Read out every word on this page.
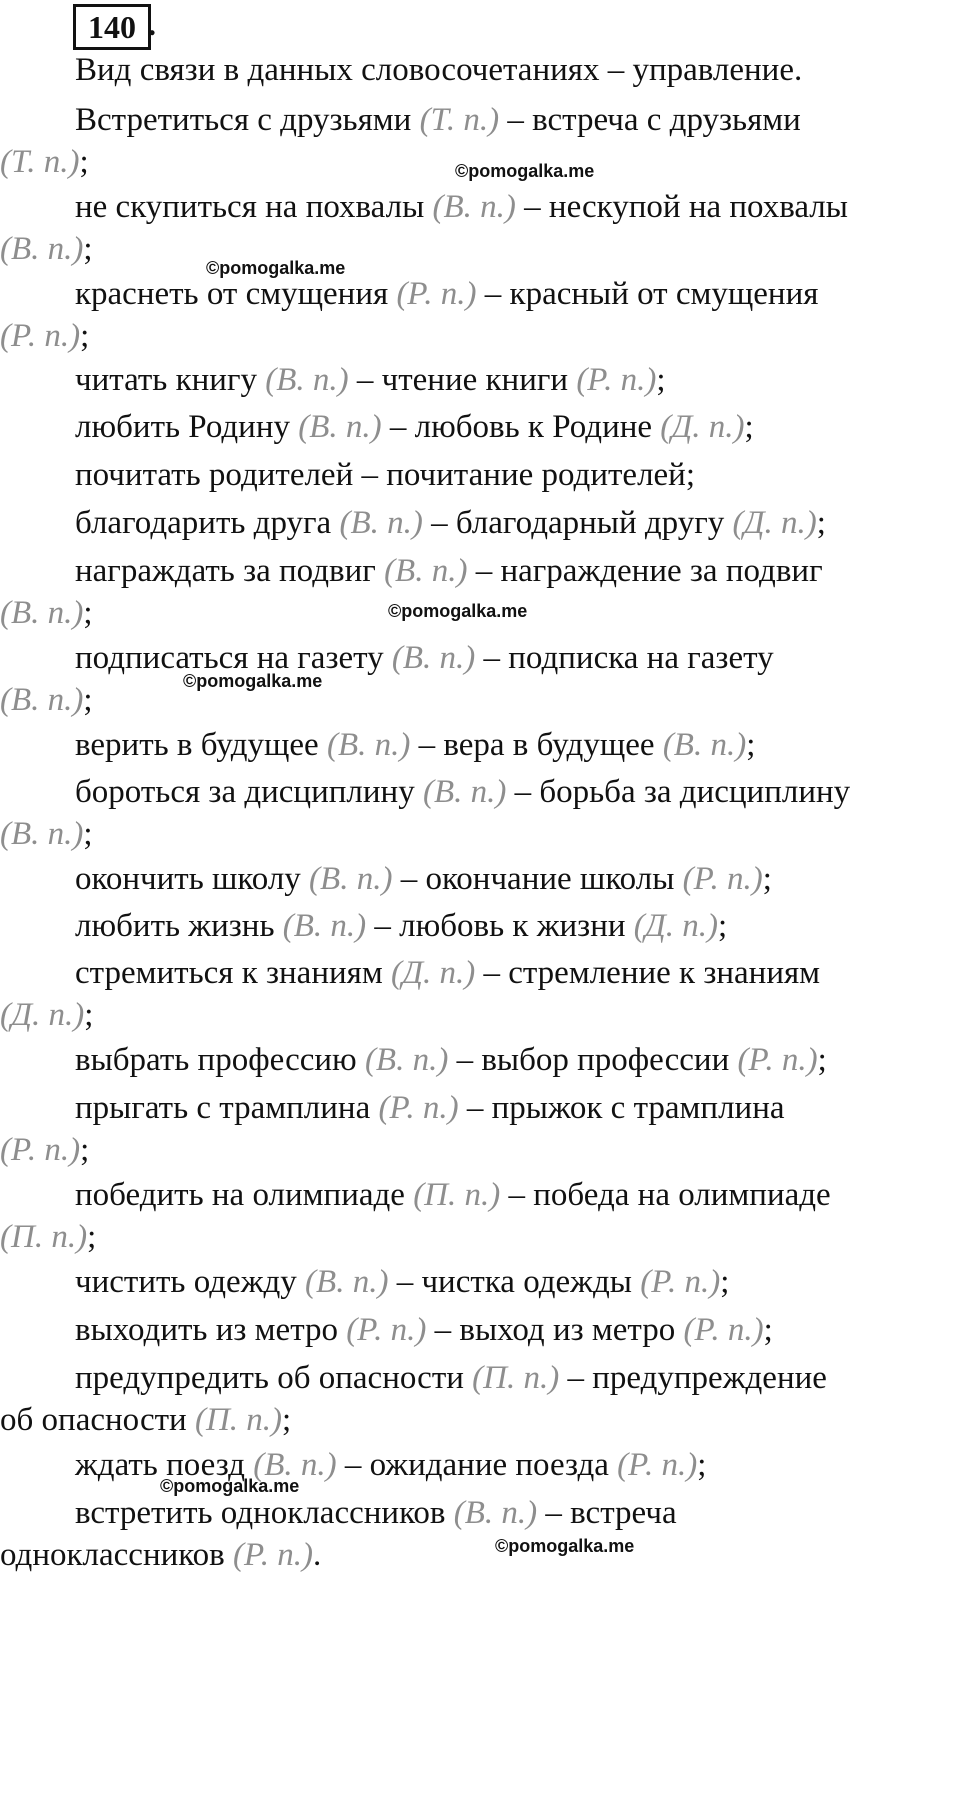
140 .
Вид связи в данных словосочетаниях – управление.
Встретиться с друзьями (Т. п.) – встреча с друзьями
(Т. п.);
не скупиться на похвалы (В. п.) – нескупой на похвалы
(В. п.);
краснеть от смущения (Р. п.) – красный от смущения
(Р. п.);
читать книгу (В. п.) – чтение книги (Р. п.);
любить Родину (В. п.) – любовь к Родине (Д. п.);
почитать родителей – почитание родителей;
благодарить друга (В. п.) – благодарный другу (Д. п.);
награждать за подвиг (В. п.) – награждение за подвиг
(В. п.);
подписаться на газету (В. п.) – подписка на газету
(В. п.);
верить в будущее (В. п.) – вера в будущее (В. п.);
бороться за дисциплину (В. п.) – борьба за дисциплину
(В. п.);
окончить школу (В. п.) – окончание школы (Р. п.);
любить жизнь (В. п.) – любовь к жизни (Д. п.);
стремиться к знаниям (Д. п.) – стремление к знаниям
(Д. п.);
выбрать профессию (В. п.) – выбор профессии (Р. п.);
прыгать с трамплина (Р. п.) – прыжок с трамплина
(Р. п.);
победить на олимпиаде (П. п.) – победа на олимпиаде
(П. п.);
чистить одежду (В. п.) – чистка одежды (Р. п.);
выходить из метро (Р. п.) – выход из метро (Р. п.);
предупредить об опасности (П. п.) – предупреждение
об опасности (П. п.);
ждать поезд (В. п.) – ожидание поезда (Р. п.);
встретить одноклассников (В. п.) – встреча
одноклассников (Р. п.).
©pomogalka.me
©pomogalka.me
©pomogalka.me
©pomogalka.me
©pomogalka.me
©pomogalka.me
